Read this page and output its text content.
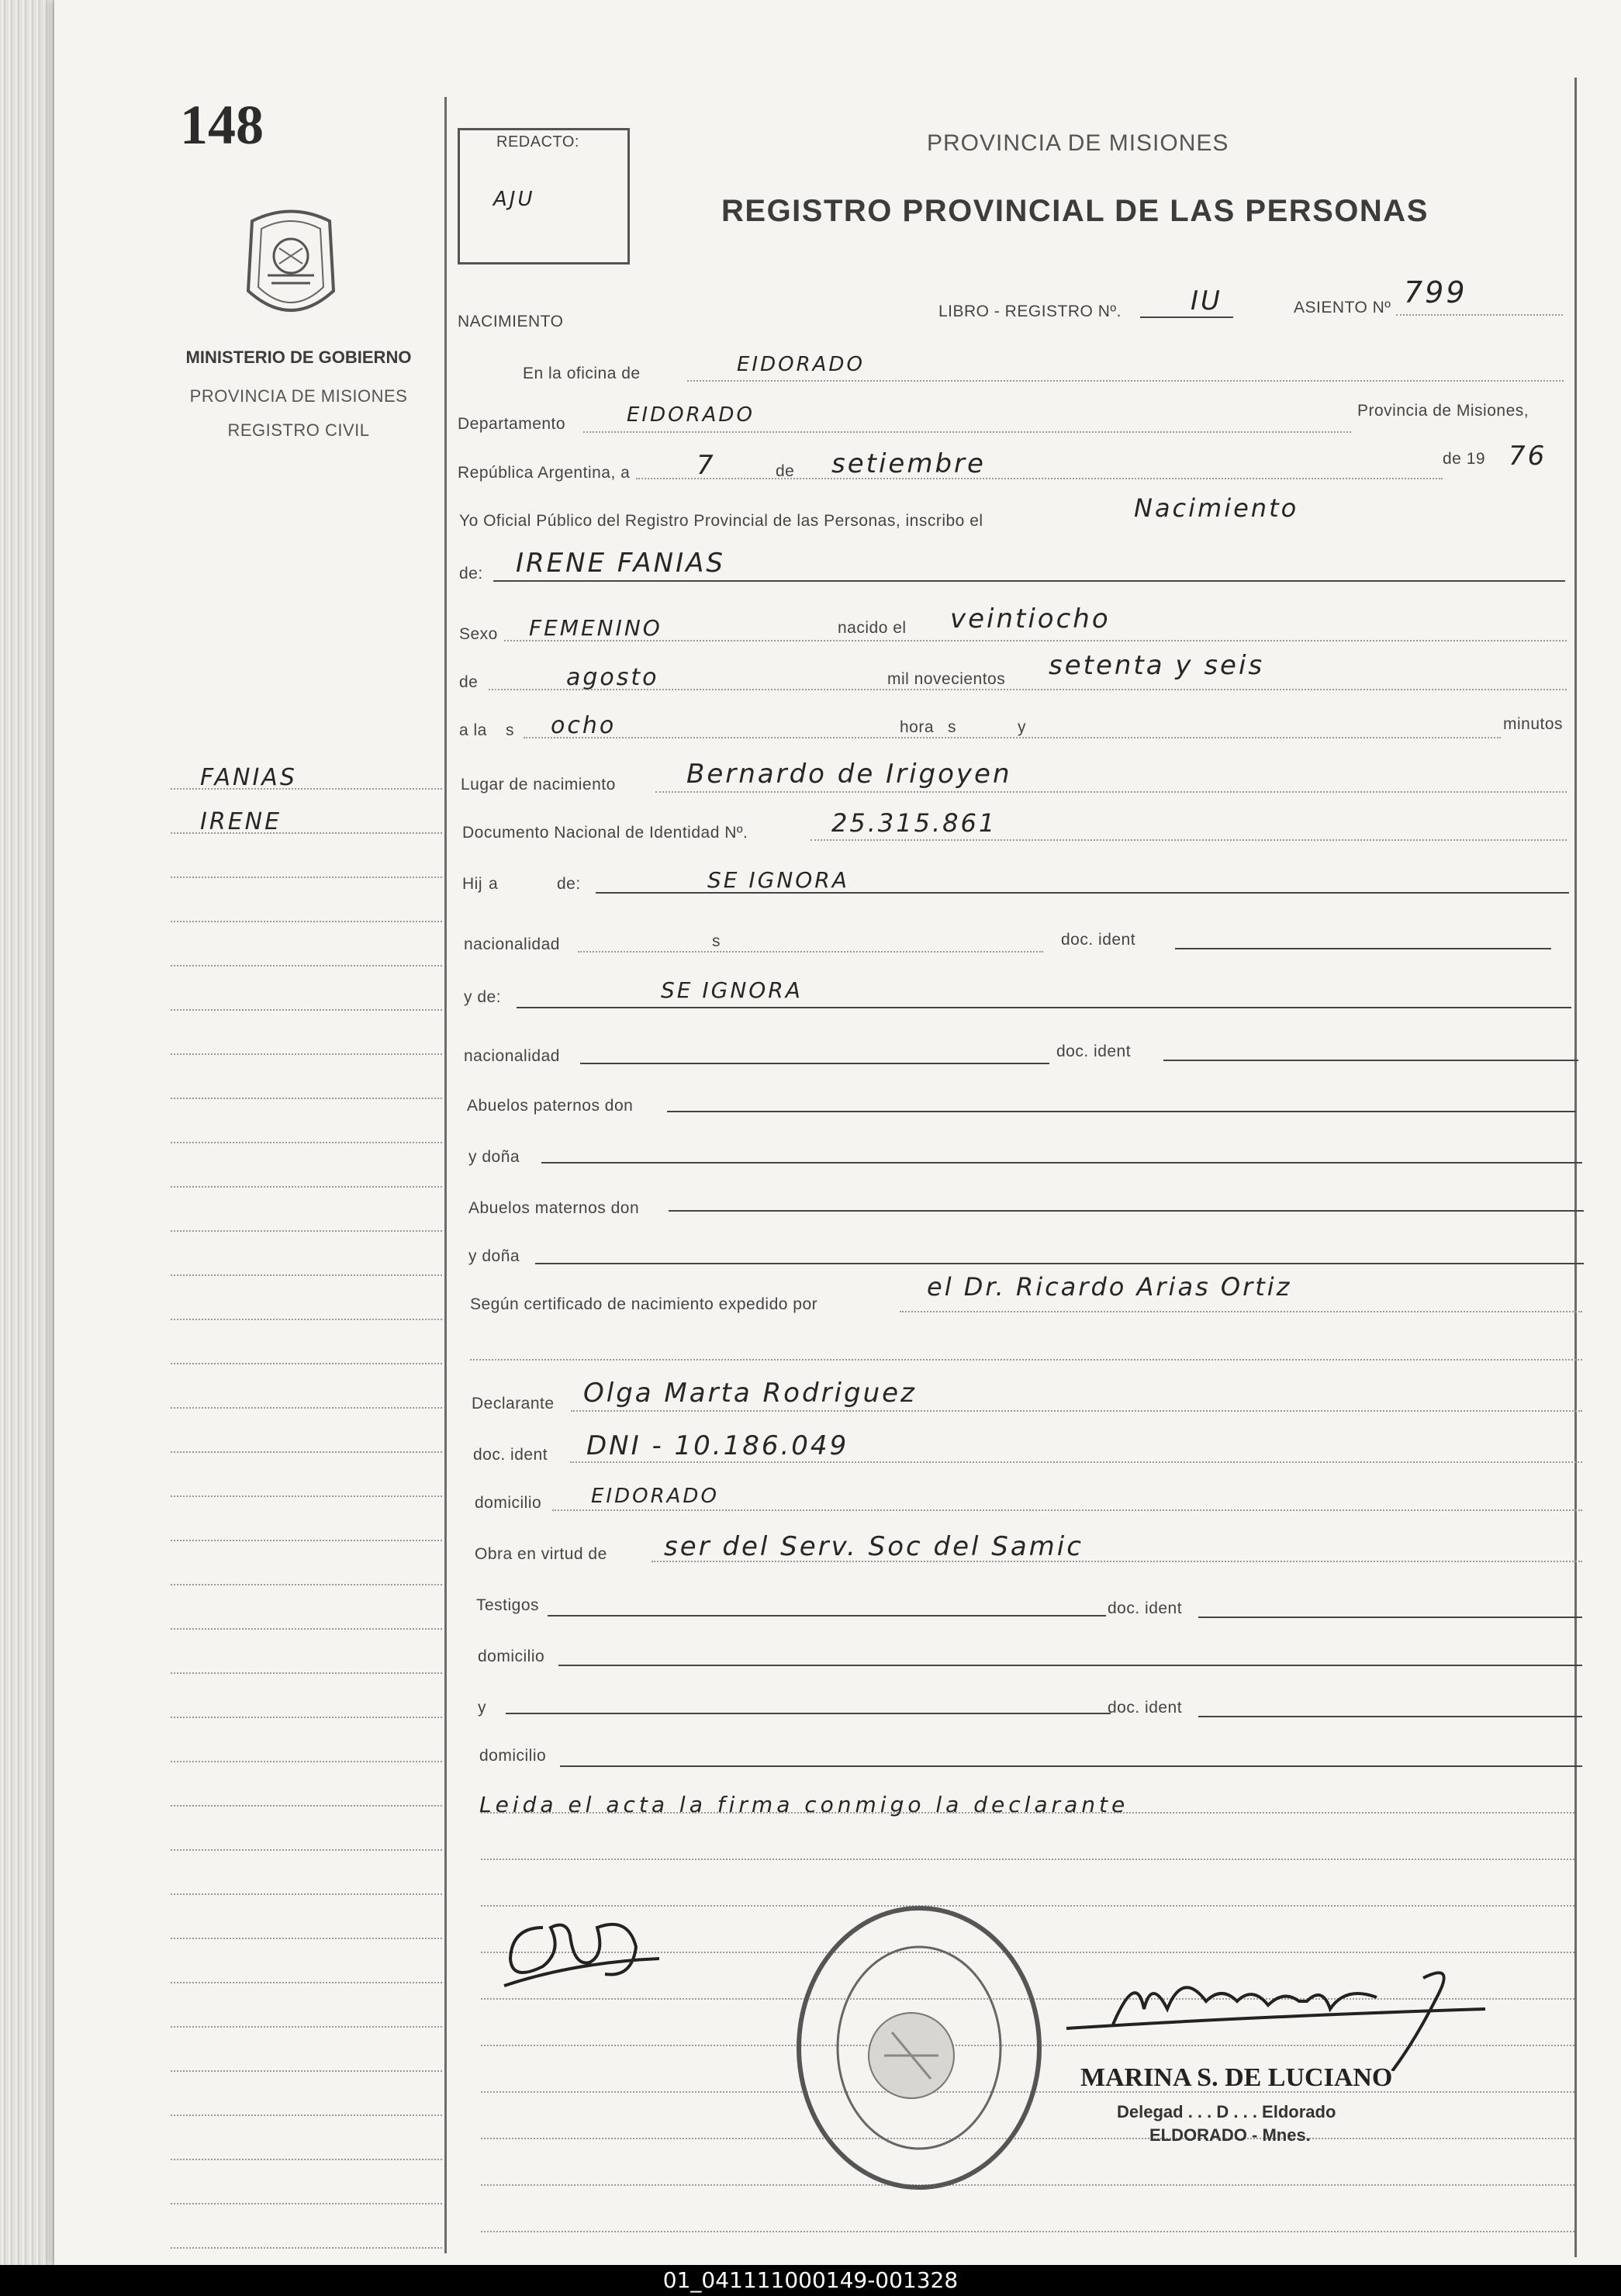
148
MINISTERIO DE GOBIERNO
PROVINCIA DE MISIONES
REGISTRO CIVIL
FANIAS
IRENE
REDACTO:
AJU
PROVINCIA DE MISIONES
REGISTRO PROVINCIAL DE LAS PERSONAS
NACIMIENTO
LIBRO - REGISTRO Nº.	IU	ASIENTO Nº 799
En la oficina de	EIDORADO
Departamento	EIDORADO	Provincia de Misiones,
República Argentina, a	7	de setiembre	de 19 76
Yo Oficial Público del Registro Provincial de las Personas, inscribo el	Nacimiento
de: IRENE FANIAS
Sexo FEMENINO	nacido el veintiocho
de	agosto	mil novecientos setenta y seis
a la s ocho	hora s	y	minutos
Lugar de nacimiento	Bernardo de Irigoyen
Documento Nacional de Identidad Nº.	25.315.861
Hij a	de:	SE IGNORA
nacionalidad	s	doc. ident
y de:	SE IGNORA
nacionalidad	doc. ident
Abuelos paternos don
y doña
Abuelos maternos don
y doña
Según certificado de nacimiento expedido por
el Dr. Ricardo Arias Ortiz
Declarante Olga Marta Rodriguez
doc. ident DNI - 10.186.049
domicilio EIDORADO
Obra en virtud de ser del Serv. Soc del Samic
Testigos	doc. ident
domicilio
y	doc. ident
domicilio
Leida el acta la firma conmigo la declarante
MARINA S. DE LUCIANO
Delegad . . . D . . . Eldorado
ELDORADO - Mnes.
01_041111000149-001328
